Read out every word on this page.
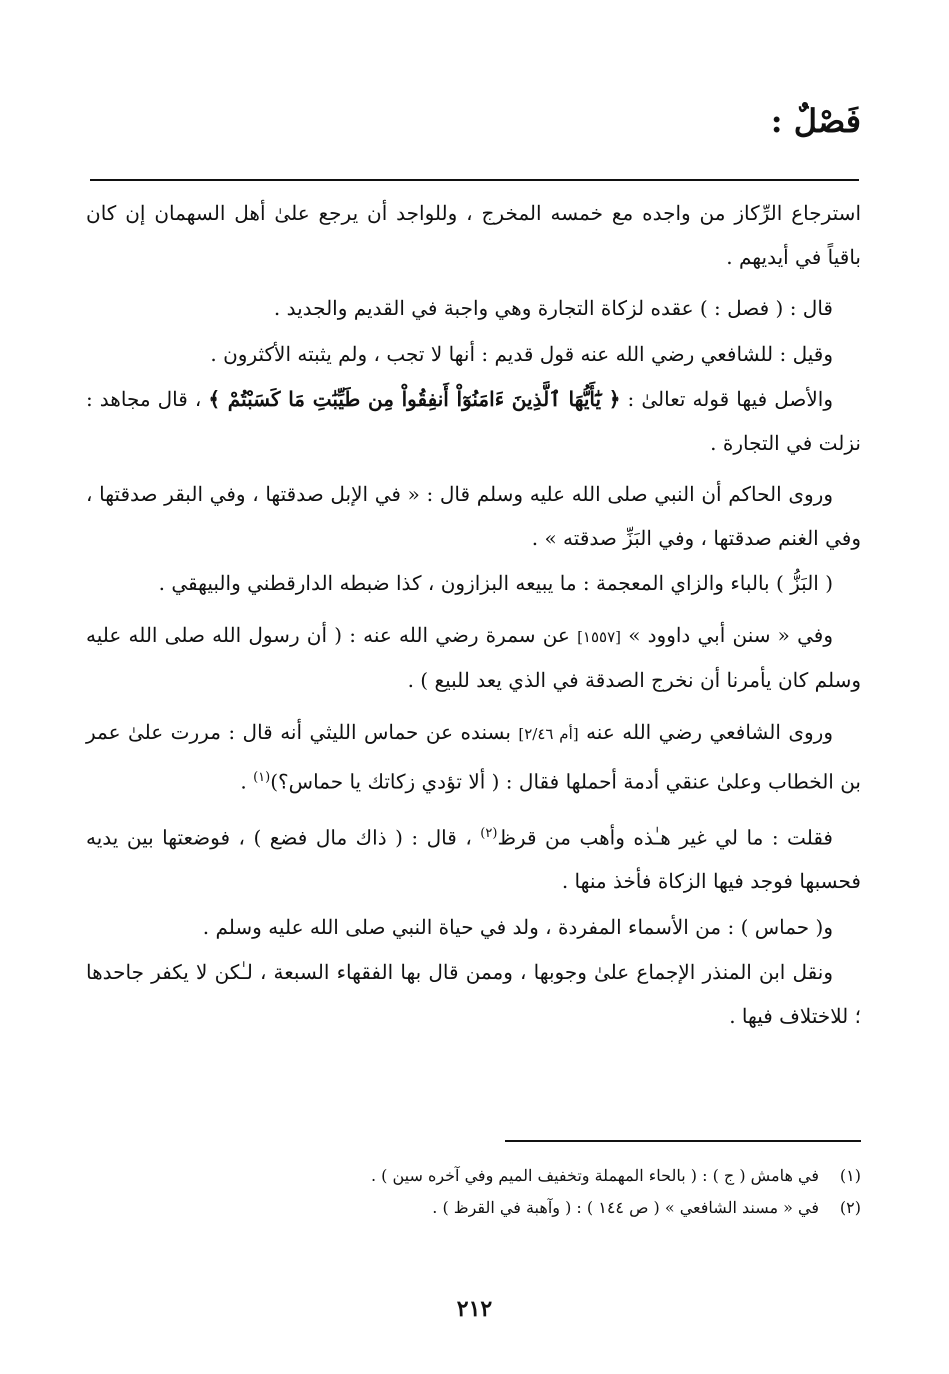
فَصْلٌ :

استرجاع الرِّكاز من واجده مع خمسه المخرج ، وللواجد أن يرجع علىٰ أهل السهمان إن كان باقياً في أيديهم .

قال : ( فصل : ) عقده لزكاة التجارة وهي واجبة في القديم والجديد .

وقيل : للشافعي رضي الله عنه قول قديم : أنها لا تجب ، ولم يثبته الأكثرون .

والأصل فيها قوله تعالىٰ : ﴿ يَٰٓأَيُّهَا ٱلَّذِينَ ءَامَنُوٓاْ أَنفِقُواْ مِن طَيِّبَٰتِ مَا كَسَبْتُمْ ﴾ ، قال مجاهد : نزلت في التجارة .

وروى الحاكم أن النبي صلى الله عليه وسلم قال : « في الإبل صدقتها ، وفي البقر صدقتها ، وفي الغنم صدقتها ، وفي البَزِّ صدقته » .

( البَزُّ ) بالباء والزاي المعجمة : ما يبيعه البزازون ، كذا ضبطه الدارقطني والبيهقي .

وفي « سنن أبي داوود » [١٥٥٧] عن سمرة رضي الله عنه : ( أن رسول الله صلى الله عليه وسلم كان يأمرنا أن نخرج الصدقة في الذي يعد للبيع ) .

وروى الشافعي رضي الله عنه [أم ٢/٤٦] بسنده عن حماس الليثي أنه قال : مررت علىٰ عمر بن الخطاب وعلىٰ عنقي أدمة أحملها فقال : ( ألا تؤدي زكاتك يا حماس؟)$^{(١)}$ .

فقلت : ما لي غير هـٰذه وأهب من قرظ$^{(٢)}$ ، قال : ( ذاك مال فضع ) ، فوضعتها بين يديه فحسبها فوجد فيها الزكاة فأخذ منها .

و( حماس ) : من الأسماء المفردة ، ولد في حياة النبي صلى الله عليه وسلم .

ونقل ابن المنذر الإجماع علىٰ وجوبها ، وممن قال بها الفقهاء السبعة ، لـٰكن لا يكفر جاحدها ؛ للاختلاف فيها .

(١)
في هامش ( ج ) : ( بالحاء المهملة وتخفيف الميم وفي آخره سين ) .
(٢)
في « مسند الشافعي » ( ص ١٤٤ ) : ( وآهبة في القرظ ) .
٢١٢
